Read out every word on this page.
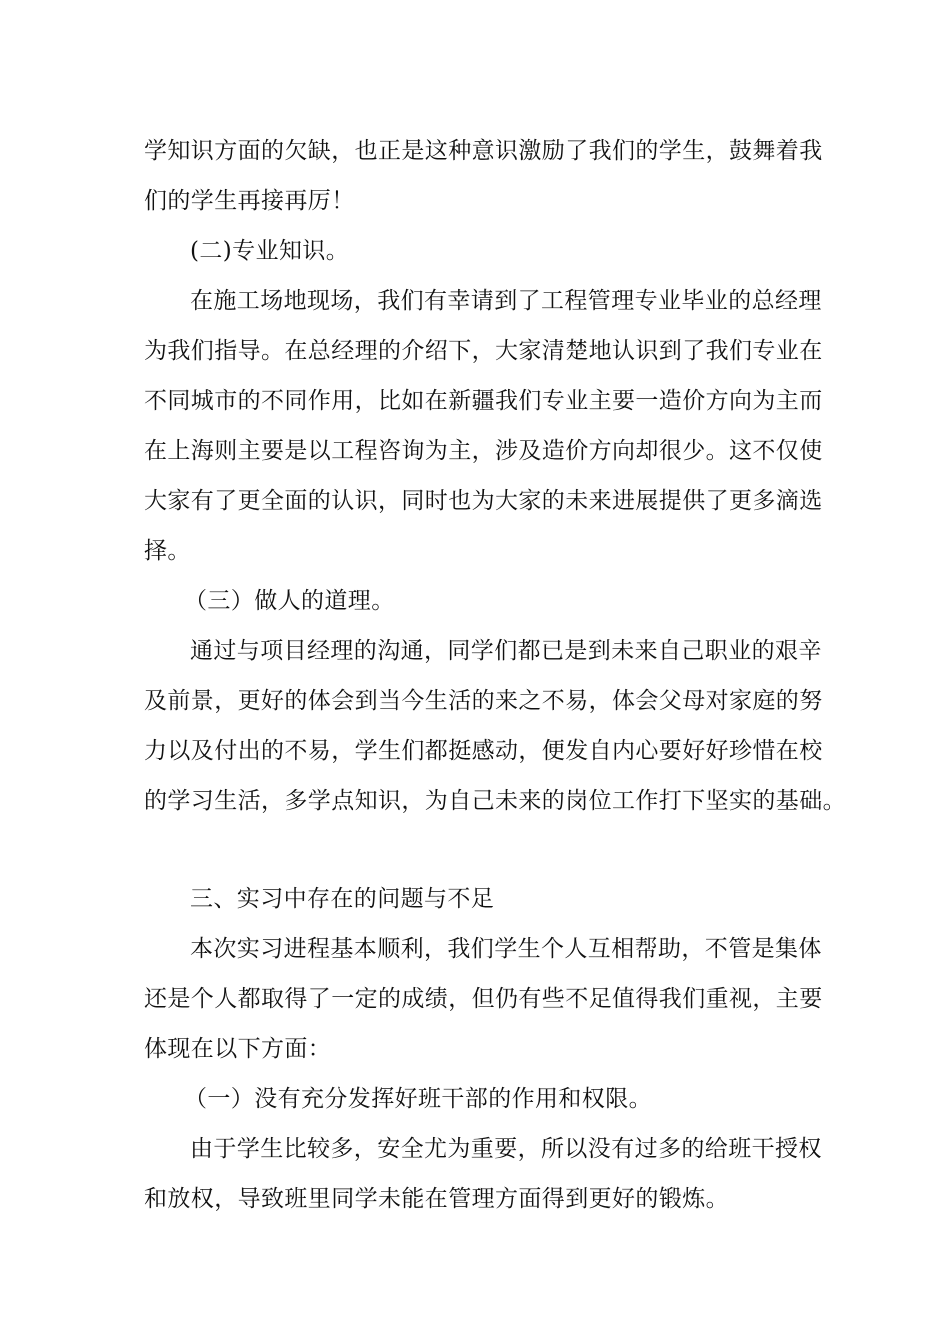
学知识方面的欠缺，也正是这种意识激励了我们的学生，鼓舞着我
们的学生再接再厉！
(二)专业知识。
在施工场地现场，我们有幸请到了工程管理专业毕业的总经理
为我们指导。在总经理的介绍下，大家清楚地认识到了我们专业在
不同城市的不同作用，比如在新疆我们专业主要一造价方向为主而
在上海则主要是以工程咨询为主，涉及造价方向却很少。这不仅使
大家有了更全面的认识，同时也为大家的未来进展提供了更多滴选
择。
（三）做人的道理。
通过与项目经理的沟通，同学们都已是到未来自己职业的艰辛
及前景，更好的体会到当今生活的来之不易，体会父母对家庭的努
力以及付出的不易，学生们都挺感动，便发自内心要好好珍惜在校
的学习生活，多学点知识，为自己未来的岗位工作打下坚实的基础。
三、实习中存在的问题与不足
本次实习进程基本顺利，我们学生个人互相帮助，不管是集体
还是个人都取得了一定的成绩，但仍有些不足值得我们重视，主要
体现在以下方面：
（一）没有充分发挥好班干部的作用和权限。
由于学生比较多，安全尤为重要，所以没有过多的给班干授权
和放权，导致班里同学未能在管理方面得到更好的锻炼。
